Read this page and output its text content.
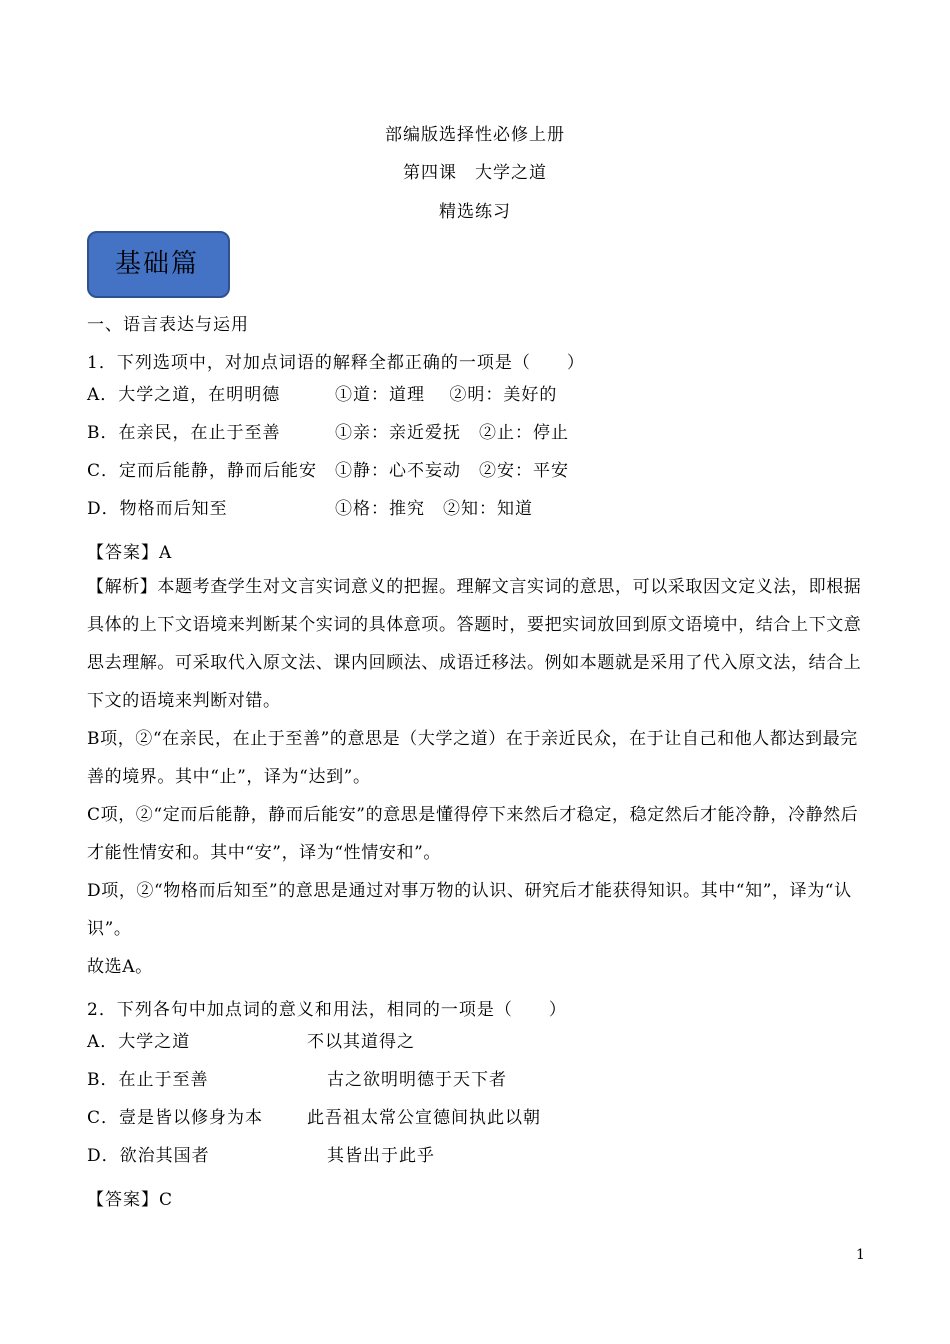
部编版选择性必修上册
第四课　大学之道
精选练习
基础篇
一、语言表达与运用
1．下列选项中，对加点词语的解释全都正确的一项是（　　）
A．大学之道，在明明德	①道：道理　 ②明：美好的
B．在亲民，在止于至善	①亲：亲近爱抚　②止：停止
C．定而后能静，静而后能安 ①静：心不妄动　②安：平安
D．物格而后知至	①格：推究　②知：知道
【答案】A
【解析】本题考查学生对文言实词意义的把握。理解文言实词的意思，可以采取因文定义法，即根据具体的上下文语境来判断某个实词的具体意项。答题时，要把实词放回到原文语境中，结合上下文意思去理解。可采取代入原文法、课内回顾法、成语迁移法。例如本题就是采用了代入原文法，结合上下文的语境来判断对错。
B项，②“在亲民，在止于至善”的意思是（大学之道）在于亲近民众，在于让自己和他人都达到最完善的境界。其中“止”，译为“达到”。
C项，②“定而后能静，静而后能安”的意思是懂得停下来然后才稳定，稳定然后才能冷静，冷静然后才能性情安和。其中“安”，译为“性情安和”。
D项，②“物格而后知至”的意思是通过对事万物的认识、研究后才能获得知识。其中“知”，译为“认识”。
故选A。
2．下列各句中加点词的意义和用法，相同的一项是（　　）
A．大学之道	不以其道得之
B．在止于至善	古之欲明明德于天下者
C．壹是皆以修身为本	此吾祖太常公宣德间执此以朝
D．欲治其国者	其皆出于此乎
【答案】C
1
